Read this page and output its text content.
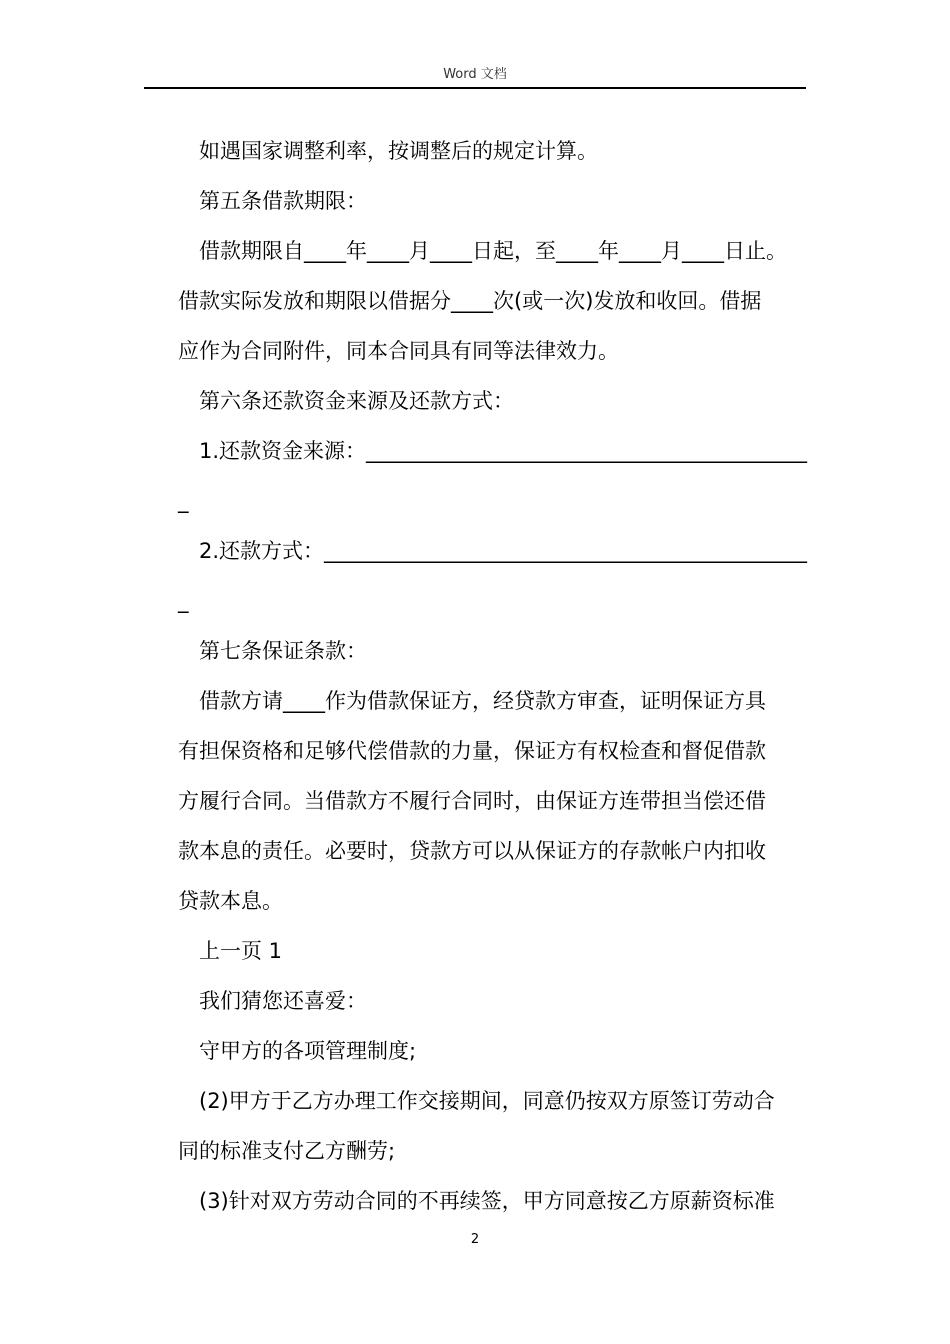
Word 文档
如遇国家调整利率，按调整后的规定计算。
第五条借款期限：
借款期限自____年____月____日起，至____年____月____日止。
借款实际发放和期限以借据分____次(或一次)发放和收回。借据
应作为合同附件，同本合同具有同等法律效力。
第六条还款资金来源及还款方式：
1.还款资金来源：__________________________________________
_
2.还款方式：______________________________________________
_
第七条保证条款：
借款方请____作为借款保证方，经贷款方审查，证明保证方具
有担保资格和足够代偿借款的力量，保证方有权检查和督促借款
方履行合同。当借款方不履行合同时，由保证方连带担当偿还借
款本息的责任。必要时，贷款方可以从保证方的存款帐户内扣收
贷款本息。
上一页 1
我们猜您还喜爱：
守甲方的各项管理制度;
(2)甲方于乙方办理工作交接期间，同意仍按双方原签订劳动合
同的标准支付乙方酬劳;
(3)针对双方劳动合同的不再续签，甲方同意按乙方原薪资标准
2
